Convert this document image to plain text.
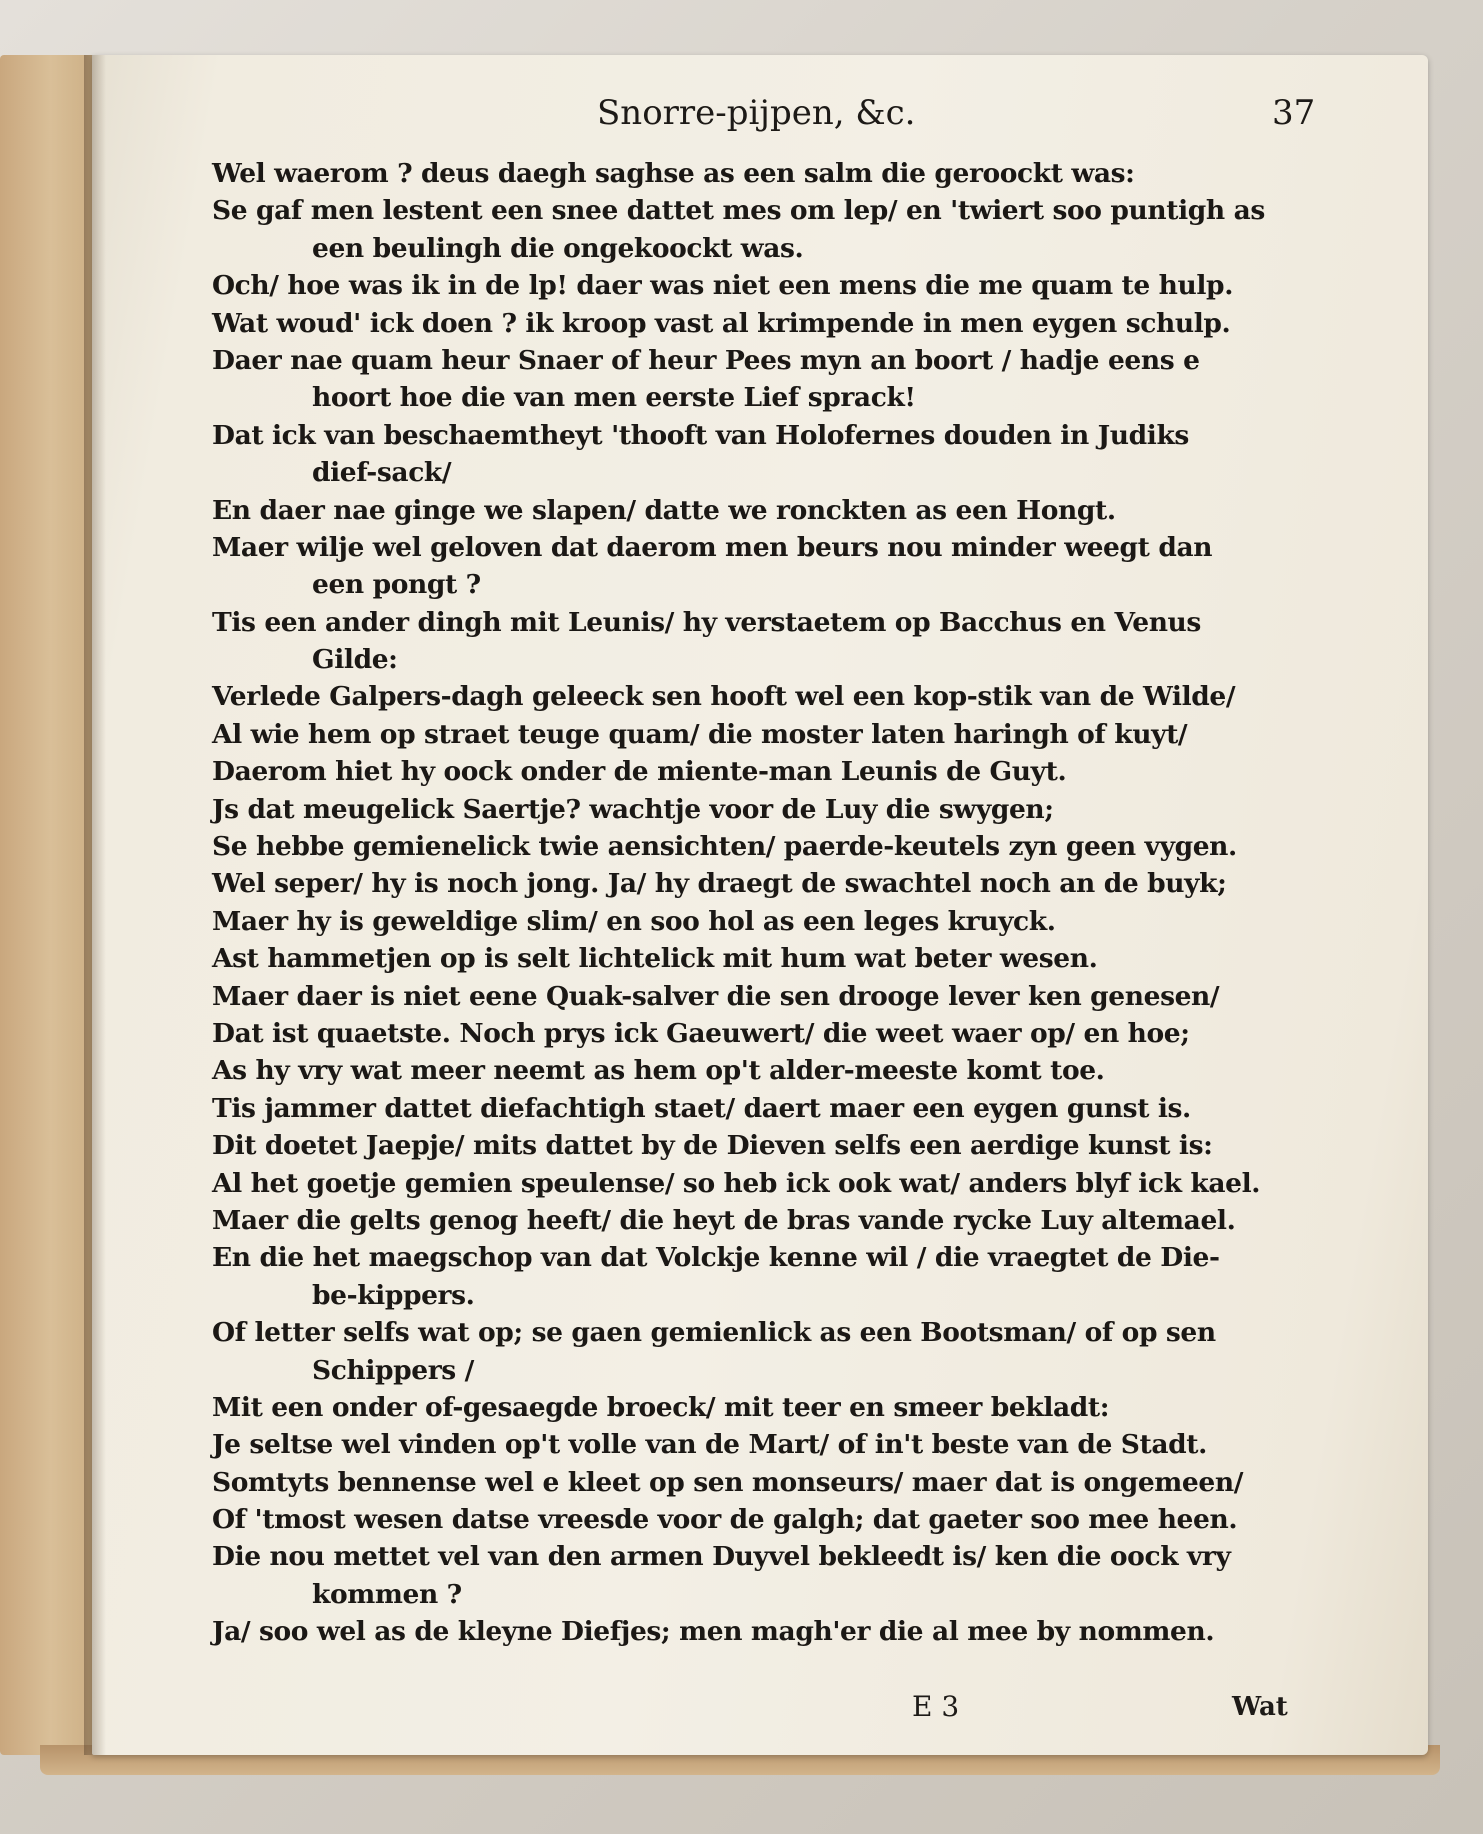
Snorre-pijpen, &c.	37
Wel waerom ? deus daegh saghse as een salm die geroockt was:
Se gaf men lestent een snee dattet mes om lep/ en 'twiert soo puntigh as
een beulingh die ongekoockt was.
Och/ hoe was ik in de lp! daer was niet een mens die me quam te hulp.
Wat woud' ick doen ? ik kroop vast al krimpende in men eygen schulp.
Daer nae quam heur Snaer of heur Pees myn an boort / hadje eens e
hoort hoe die van men eerste Lief sprack!
Dat ick van beschaemtheyt 'thooft van Holofernes douden in Judiks
dief-sack/
En daer nae ginge we slapen/ datte we ronckten as een Hongt.
Maer wilje wel geloven dat daerom men beurs nou minder weegt dan
een pongt ?
Tis een ander dingh mit Leunis/ hy verstaetem op Bacchus en Venus
Gilde:
Verlede Galpers-dagh geleeck sen hooft wel een kop-stik van de Wilde/
Al wie hem op straet teuge quam/ die moster laten haringh of kuyt/
Daerom hiet hy oock onder de miente-man Leunis de Guyt.
Js dat meugelick Saertje? wachtje voor de Luy die swygen;
Se hebbe gemienelick twie aensichten/ paerde-keutels zyn geen vygen.
Wel seper/ hy is noch jong. Ja/ hy draegt de swachtel noch an de buyk;
Maer hy is geweldige slim/ en soo hol as een leges kruyck.
Ast hammetjen op is selt lichtelick mit hum wat beter wesen.
Maer daer is niet eene Quak-salver die sen droogе lever ken genesen/
Dat ist quaetste. Noch prys ick Gaeuwert/ die weet waer op/ en hoe;
As hy vry wat meer neemt as hem op't alder-meeste komt toe.
Tis jammer dattet diefachtigh staet/ daert maer een eygen gunst is.
Dit doetet Jaepje/ mits dattet by de Dieven selfs een aerdige kunst is:
Al het goetje gemien speulense/ so heb ick ook wat/ anders blyf ick kael.
Maer die gelts genog heeft/ die heyt de bras vande rycke Luy altemael.
En die het maegschop van dat Volckje kenne wil / die vraegtet de Die-
be-kippers.
Of letter selfs wat op; se gaen gemienlick as een Bootsman/ of op sen
Schippers /
Mit een onder of-gesaegde broeck/ mit teer en smeer bekladt:
Je seltse wel vinden op't volle van de Mart/ of in't beste van de Stadt.
Somtyts bennense wel e kleet op sen monseurs/ maer dat is ongemeen/
Of 'tmost wesen datse vreesde voor de galgh; dat gaeter soo mee heen.
Die nou mettet vel van den armen Duyvel bekleedt is/ ken die oock vry
kommen ?
Ja/ soo wel as de kleyne Diefjes; men magh'er die al mee by nommen.
E 3	Wat
